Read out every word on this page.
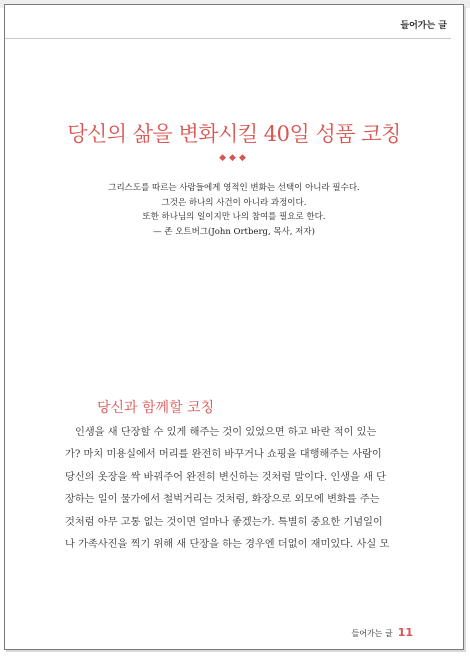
들어가는 글
당신의 삶을 변화시킬 40일 성품 코칭
◆◆◆

그리스도를 따르는 사람들에게 영적인 변화는 선택이 아니라 필수다.

그것은 하나의 사건이 아니라 과정이다.

또한 하나님의 일이지만 나의 참여를 필요로 한다.

— 존 오트버그(John Ortberg, 목사, 저자)

당신과 함께할 코칭
인생을 새 단장할 수 있게 해주는 것이 있었으면 하고 바란 적이 있는
가? 마치 미용실에서 머리를 완전히 바꾸거나 쇼핑을 대행해주는 사람이
당신의 옷장을 싹 바꿔주어 완전히 변신하는 것처럼 말이다. 인생을 새 단
장하는 일이 물가에서 철벅거리는 것처럼, 화장으로 외모에 변화를 주는
것처럼 아무 고통 없는 것이면 얼마나 좋겠는가. 특별히 중요한 기념일이
나 가족사진을 찍기 위해 새 단장을 하는 경우엔 더없이 재미있다. 사실 모
들어가는 글 11
